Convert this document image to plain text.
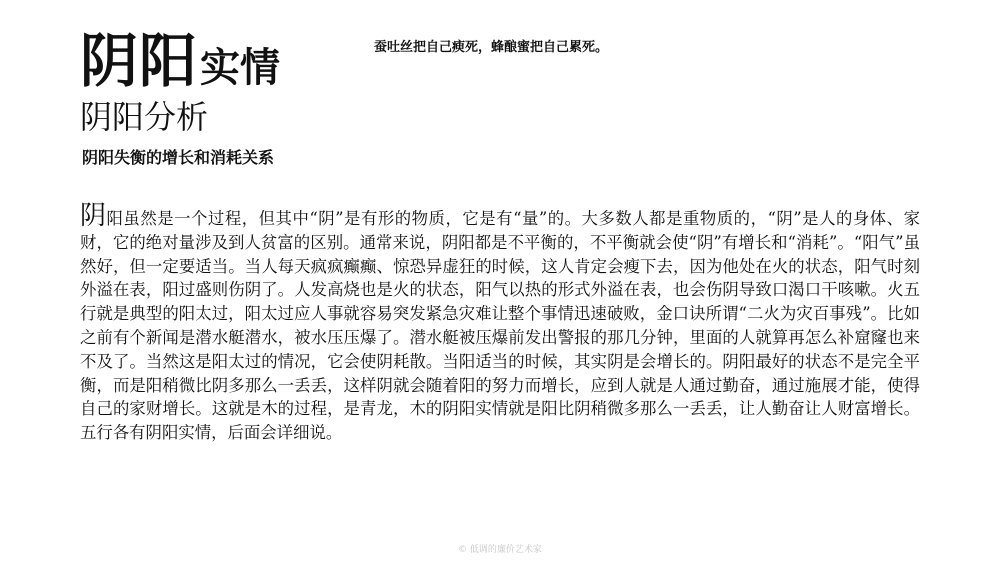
阴阳实情
阴阳分析
阴阳失衡的增长和消耗关系
蚕吐丝把自己瘐死，蜂酿蜜把自己累死。
阴阳虽然是一个过程，但其中“阴”是有形的物质，它是有“量”的。大多数人都是重物质的，“阴”是人的身体、家财，它的绝对量涉及到人贫富的区别。通常来说，阴阳都是不平衡的，不平衡就会使“阴”有增长和“消耗”。“阳气”虽然好，但一定要适当。当人每天疯疯癫癫、惊恐异虚狂的时候，这人肯定会瘦下去，因为他处在火的状态，阳气时刻外溢在表，阳过盛则伤阴了。人发高烧也是火的状态，阳气以热的形式外溢在表，也会伤阴导致口渴口干咳嗽。火五行就是典型的阳太过，阳太过应人事就容易突发紧急灾难让整个事情迅速破败，金口诀所谓“二火为灾百事残”。比如之前有个新闻是潜水艇潜水，被水压压爆了。潜水艇被压爆前发出警报的那几分钟，里面的人就算再怎么补窟窿也来不及了。当然这是阳太过的情况，它会使阴耗散。当阳适当的时候，其实阴是会增长的。阴阳最好的状态不是完全平衡，而是阳稍微比阴多那么一丢丢，这样阴就会随着阳的努力而增长，应到人就是人通过勤奋，通过施展才能，使得自己的家财增长。这就是木的过程，是青龙，木的阴阳实情就是阳比阴稍微多那么一丢丢，让人勤奋让人财富增长。五行各有阴阳实情，后面会详细说。
© 低调的廉价艺术家
